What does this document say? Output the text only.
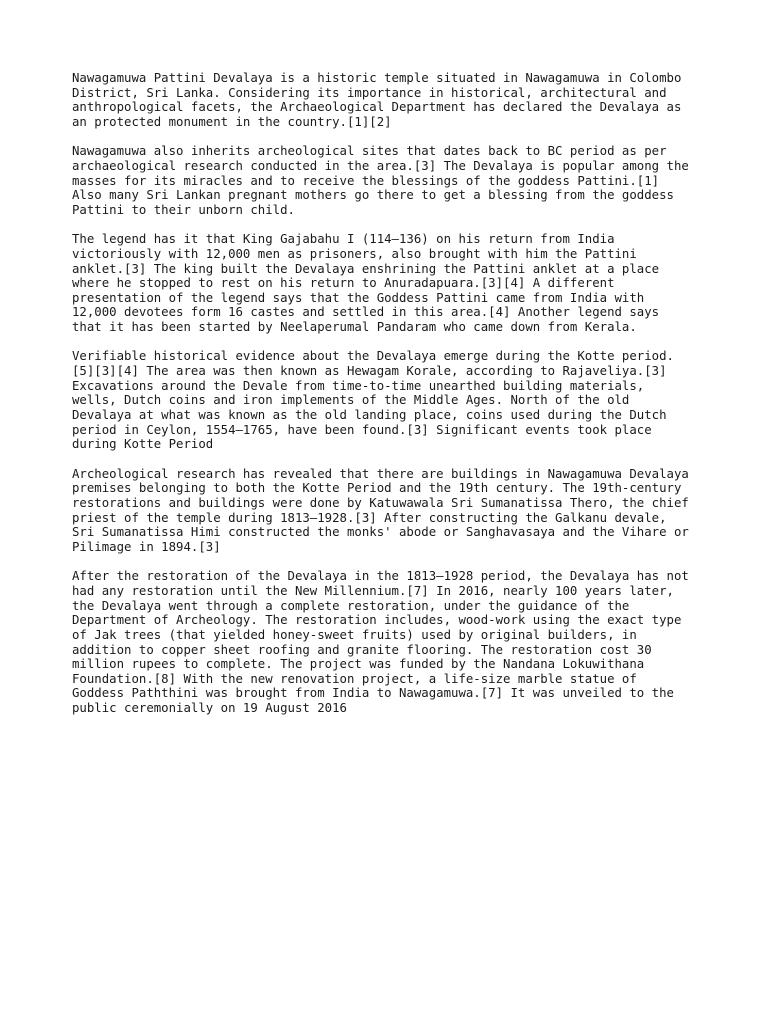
Nawagamuwa Pattini Devalaya is a historic temple situated in Nawagamuwa in Colombo
District, Sri Lanka. Considering its importance in historical, architectural and
anthropological facets, the Archaeological Department has declared the Devalaya as
an protected monument in the country.[1][2]

Nawagamuwa also inherits archeological sites that dates back to BC period as per
archaeological research conducted in the area.[3] The Devalaya is popular among the
masses for its miracles and to receive the blessings of the goddess Pattini.[1]
Also many Sri Lankan pregnant mothers go there to get a blessing from the goddess
Pattini to their unborn child.

The legend has it that King Gajabahu I (114–136) on his return from India
victoriously with 12,000 men as prisoners, also brought with him the Pattini
anklet.[3] The king built the Devalaya enshrining the Pattini anklet at a place
where he stopped to rest on his return to Anuradapuara.[3][4] A different
presentation of the legend says that the Goddess Pattini came from India with
12,000 devotees form 16 castes and settled in this area.[4] Another legend says
that it has been started by Neelaperumal Pandaram who came down from Kerala.

Verifiable historical evidence about the Devalaya emerge during the Kotte period.
[5][3][4] The area was then known as Hewagam Korale, according to Rajaveliya.[3]
Excavations around the Devale from time-to-time unearthed building materials,
wells, Dutch coins and iron implements of the Middle Ages. North of the old
Devalaya at what was known as the old landing place, coins used during the Dutch
period in Ceylon, 1554–1765, have been found.[3] Significant events took place
during Kotte Period

Archeological research has revealed that there are buildings in Nawagamuwa Devalaya
premises belonging to both the Kotte Period and the 19th century. The 19th-century
restorations and buildings were done by Katuwawala Sri Sumanatissa Thero, the chief
priest of the temple during 1813–1928.[3] After constructing the Galkanu devale,
Sri Sumanatissa Himi constructed the monks' abode or Sanghavasaya and the Vihare or
Pilimage in 1894.[3]

After the restoration of the Devalaya in the 1813–1928 period, the Devalaya has not
had any restoration until the New Millennium.[7] In 2016, nearly 100 years later,
the Devalaya went through a complete restoration, under the guidance of the
Department of Archeology. The restoration includes, wood-work using the exact type
of Jak trees (that yielded honey-sweet fruits) used by original builders, in
addition to copper sheet roofing and granite flooring. The restoration cost 30
million rupees to complete. The project was funded by the Nandana Lokuwithana
Foundation.[8] With the new renovation project, a life-size marble statue of
Goddess Paththini was brought from India to Nawagamuwa.[7] It was unveiled to the
public ceremonially on 19 August 2016
